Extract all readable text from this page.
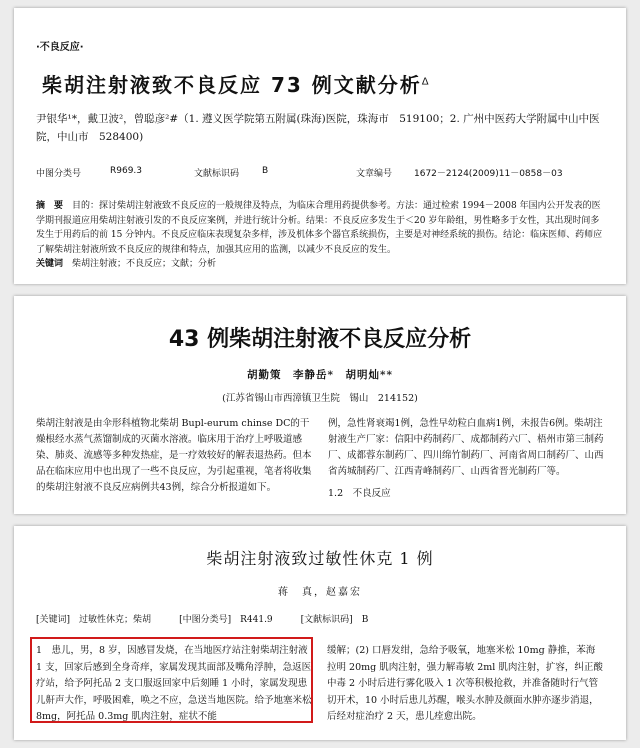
·不良反应·
柴胡注射液致不良反应 73 例文献分析$^\Delta$
尹银华¹*，戴卫波²，曾聪彦²#（1. 遵义医学院第五附属(珠海)医院，珠海市　519100；2. 广州中医药大学附属中山中医院，中山市　528400)
中图分类号	R969.3	文献标识码	B	文章编号	1672－2124(2009)11－0858－03
摘　要　 目的：探讨柴胡注射液致不良反应的一般规律及特点，为临床合理用药提供参考。方法：通过检索 1994－2008 年国内公开发表的医学期刊报道应用柴胡注射液引发的不良反应案例，并进行统计分析。结果：不良反应多发生于＜20 岁年龄组，男性略多于女性，其出现时间多发生于用药后的前 15 分钟内。不良反应临床表现复杂多样，涉及机体多个器官系统损伤，主要是对神经系统的损伤。结论：临床医师、药师应了解柴胡注射液所致不良反应的规律和特点，加强其应用的监测，以减少不良反应的发生。
关键词　 柴胡注射液；不良反应；文献；分析
43 例柴胡注射液不良反应分析
胡勤策　李静岳*　胡明灿**
(江苏省锡山市西漳镇卫生院　锡山　214152)
柴胡注射液是由伞形科植物北柴胡 Bupl-eurum chinse DC的干燥根经水蒸气蒸馏制成的灭菌水溶液。临床用于治疗上呼吸道感染、肺炎、流感等多种发热症，是一疗效较好的解表退热药。但本品在临床应用中也出现了一些不良反应，为引起重视，笔者将收集的柴胡注射液不良反应病例共43例，综合分析报道如下。
例，急性肾衰竭1例，急性早幼粒白血病1例，未报告6例。柴胡注射液生产厂家：信阳中药制药厂、成都制药六厂、梧州市第三制药厂、成都蓉东制药厂、四川绵竹制药厂、河南省周口制药厂、山西省芮城制药厂、江西青峰制药厂、山西省晋光制药厂等。
1.2　不良反应
柴胡注射液致过敏性休克 1 例
蒋　真，赵嘉宏
[关键词]　 过敏性休克；柴胡	[中图分类号]　 R441.9	[文献标识码]　 B
1　患儿，男，8 岁，因感冒发烧，在当地医疗站注射柴胡注射液 1 支，回家后感到全身奇痒，家属发现其面部及嘴角浮肿，急返医疗站，给予阿托品 2 支口服返回家中后刻睡 1 小时，家属发现患儿鼾声大作，呼吸困难，唤之不应，急送当地医院。给予地塞米松 8mg，阿托品 0.3mg 肌肉注射，症状不能
缓解；(2) 口唇发绀，急给予吸氧，地塞米松 10mg 静推，苯海拉明 20mg 肌肉注射，强力解毒敏 2ml 肌肉注射，扩容，纠正酸中毒 2 小时后进行雾化吸入 1 次等积极抢救，并准备随时行气管切开术，10 小时后患儿苏醒，喉头水肿及颜面水肿亦逐步消退，后经对症治疗 2 天，患儿痊愈出院。
